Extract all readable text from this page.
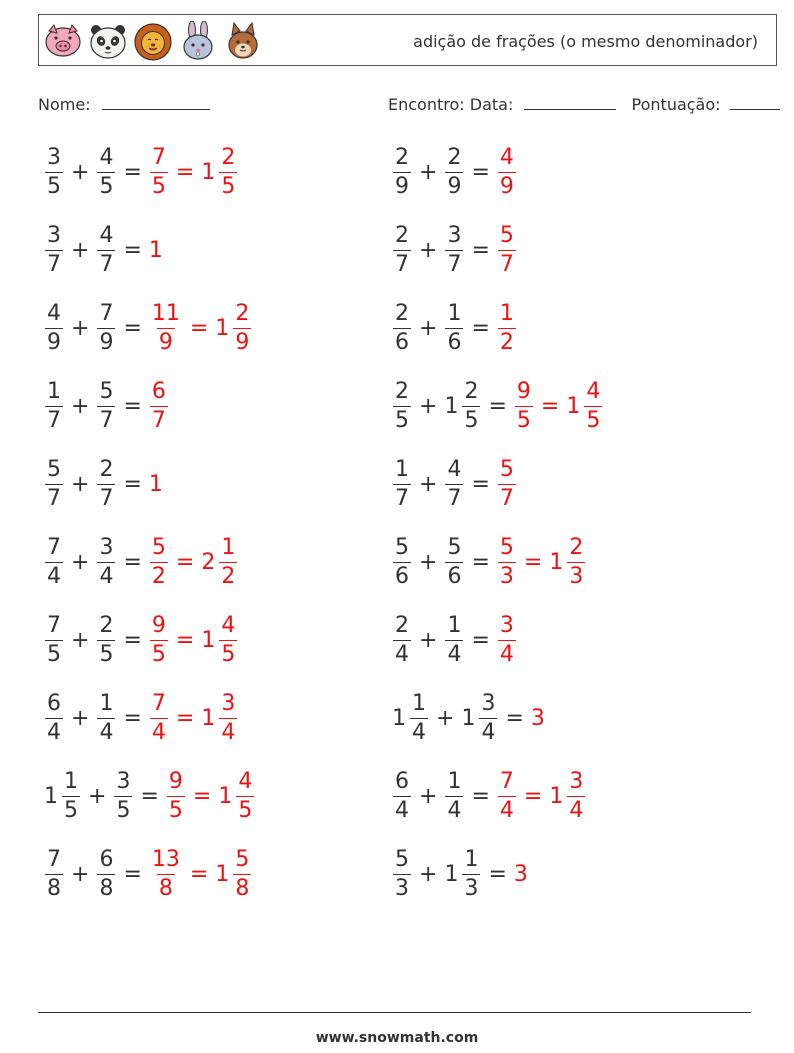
adição de frações (o mesmo denominador)
Nome:	Encontro: Data:	Pontuação:
$\frac{3}{5} + \frac{4}{5} = \frac{7}{5} = 1 \frac{2}{5}$	$\frac{2}{9} + \frac{2}{9} = \frac{4}{9}$
$\frac{3}{7} + \frac{4}{7} = 1$	$\frac{2}{7} + \frac{3}{7} = \frac{5}{7}$
$\frac{4}{9} + \frac{7}{9} = \frac{11}{9} = 1 \frac{2}{9}$	$\frac{2}{6} + \frac{1}{6} = \frac{1}{2}$
$\frac{1}{7} + \frac{5}{7} = \frac{6}{7}$	$\frac{2}{5} + 1 \frac{2}{5} = \frac{9}{5} = 1 \frac{4}{5}$
$\frac{5}{7} + \frac{2}{7} = 1$	$\frac{1}{7} + \frac{4}{7} = \frac{5}{7}$
$\frac{7}{4} + \frac{3}{4} = \frac{5}{2} = 2 \frac{1}{2}$	$\frac{5}{6} + \frac{5}{6} = \frac{5}{3} = 1 \frac{2}{3}$
$\frac{7}{5} + \frac{2}{5} = \frac{9}{5} = 1 \frac{4}{5}$	$\frac{2}{4} + \frac{1}{4} = \frac{3}{4}$
$\frac{6}{4} + \frac{1}{4} = \frac{7}{4} = 1 \frac{3}{4}$	$1 \frac{1}{4} + 1 \frac{3}{4} = 3$
$1 \frac{1}{5} + \frac{3}{5} = \frac{9}{5} = 1 \frac{4}{5}$	$\frac{6}{4} + \frac{1}{4} = \frac{7}{4} = 1 \frac{3}{4}$
$\frac{7}{8} + \frac{6}{8} = \frac{13}{8} = 1 \frac{5}{8}$	$\frac{5}{3} + 1 \frac{1}{3} = 3$
www.snowmath.com
